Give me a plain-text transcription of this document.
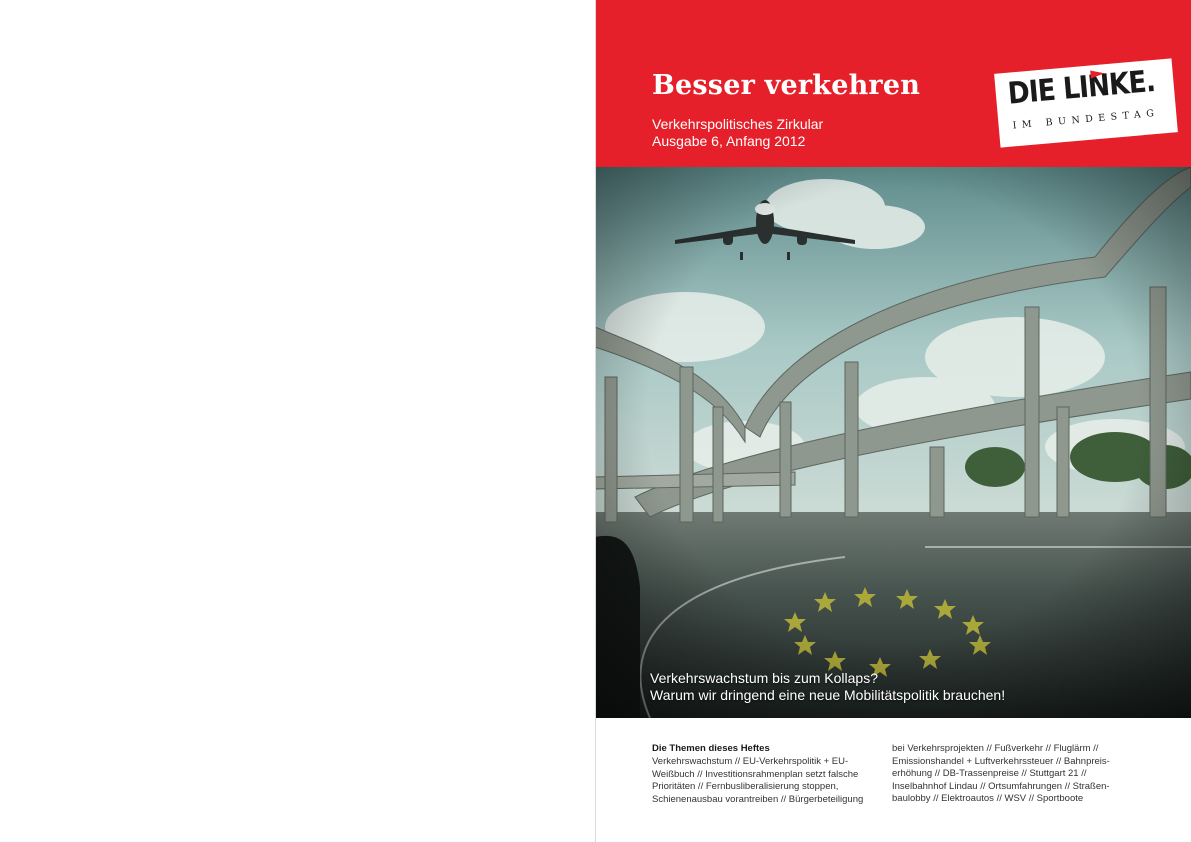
Besser verkehren
Verkehrspolitisches Zirkular
Ausgabe 6, Anfang 2012
DIE LINKE.
IM BUNDESTAG
Verkehrswachstum bis zum Kollaps?
Warum wir dringend eine neue Mobilitätspolitik brauchen!
Die Themen dieses Heftes
Verkehrswachstum // EU-Verkehrspolitik + EU-
Weißbuch // Investitionsrahmenplan setzt falsche
Prioritäten // Fernbusliberalisierung stoppen,
Schienenausbau vorantreiben // Bürgerbeteiligung
bei Verkehrsprojekten // Fußverkehr // Fluglärm //
Emissionshandel + Luftverkehrssteuer // Bahnpreis-
erhöhung // DB-Trassenpreise // Stuttgart 21 //
Inselbahnhof Lindau // Ortsumfahrungen // Straßen-
baulobby // Elektroautos // WSV // Sportboote
